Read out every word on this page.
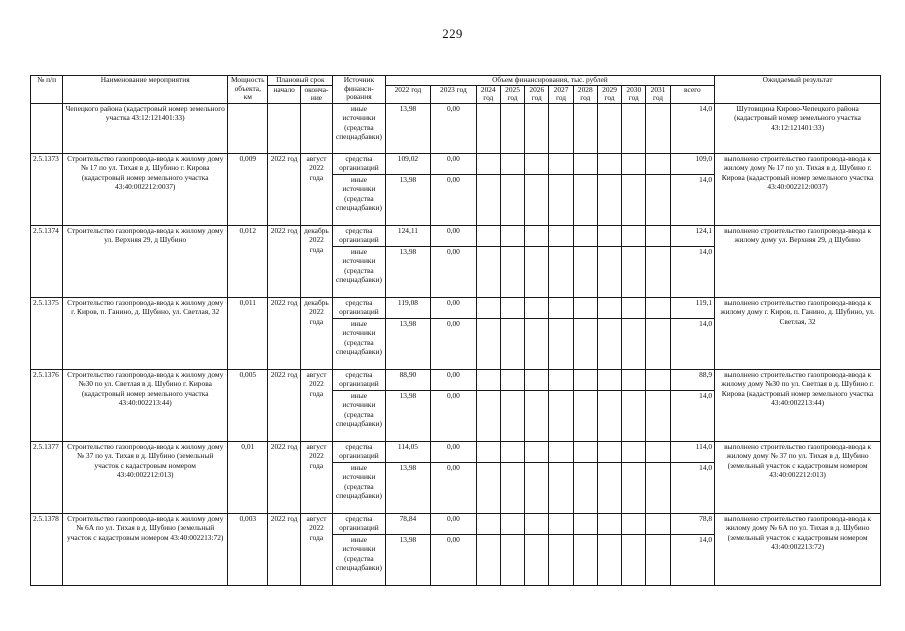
229
№ п/п	Наименование мероприятия	Мощность объекта, км	Плановый срок		Источник финанси-рования	Объем финансирования, тыс. рублей											Ожидаемый результат
			начало	оконча-ние		2022 год	2023 год	2024 год	2025 год	2026 год	2027 год	2028 год	2029 год	2030 год	2031 год	всего	

	Чепецкого района (кадастровый номер земельного участка 43:12:121401:33)				иные источники (средства спецнадбавки)	13,98	0,00									14,0	Шутовщина Кирово-Чепецкого района (кадастровый номер земельного участка 43:12:121401:33)
2.5.1373	Строительство газопровода-ввода к жилому дому № 17 по ул. Тихая в д. Шубино г. Кирова (кадастровый номер земельного участка 43:40:002212:0037)	0,009	2022 год	август 2022 года	средства организаций	109,02	0,00									109,0	выполнено строительство газопровода-ввода к жилому дому № 17 по ул. Тихая в д. Шубино г. Кирова (кадастровый номер земельного участка 43:40:002212:0037)
					иные источники (средства спецнадбавки)	13,98	0,00									14,0	
2.5.1374	Строительство газопровода-ввода к жилому дому ул. Верхняя 29, д Шубино	0,012	2022 год	декабрь 2022 года	средства организаций	124,11	0,00									124,1	выполнено строительство газопровода-ввода к жилому дому ул. Верхняя 29, д Шубино
					иные источники (средства спецнадбавки)	13,98	0,00									14,0	
2.5.1375	Строительство газопровода-ввода к жилому дому г. Киров, п. Ганино, д. Шубино, ул. Светлая, 32	0,011	2022 год	декабрь 2022 года	средства организаций	119,08	0,00									119,1	выполнено строительство газопровода-ввода к жилому дому г. Киров, п. Ганино, д. Шубино, ул. Светлая, 32
					иные источники (средства спецнадбавки)	13,98	0,00									14,0	
2.5.1376	Строительство газопровода-ввода к жилому дому №30 по ул. Светлая в д. Шубино г. Кирова (кадастровый номер земельного участка 43:40:002213:44)	0,005	2022 год	август 2022 года	средства организаций	88,90	0,00									88,9	выполнено строительство газопровода-ввода к жилому дому №30 по ул. Светлая в д. Шубино г. Кирова (кадастровый номер земельного участка 43:40:002213:44)
					иные источники (средства спецнадбавки)	13,98	0,00									14,0	
2.5.1377	Строительство газопровода-ввода к жилому дому № 37 по ул. Тихая в д. Шубино (земельный участок с кадастровым номером 43:40:002212:013)	0,01	2022 год	август 2022 года	средства организаций	114,05	0,00									114,0	выполнено строительство газопровода-ввода к жилому дому № 37 по ул. Тихая в д. Шубино (земельный участок с кадастровым номером 43:40:002212:013)
					иные источники (средства спецнадбавки)	13,98	0,00									14,0	
2.5.1378	Строительство газопровода-ввода к жилому дому № 6А по ул. Тихая в д. Шубино (земельный участок с кадастровым номером 43:40:002213:72)	0,003	2022 год	август 2022 года	средства организаций	78,84	0,00									78,8	выполнено строительство газопровода-ввода к жилому дому № 6А по ул. Тихая в д. Шубино (земельный участок с кадастровым номером 43:40:002213:72)
					иные источники (средства спецнадбавки)	13,98	0,00									14,0	
